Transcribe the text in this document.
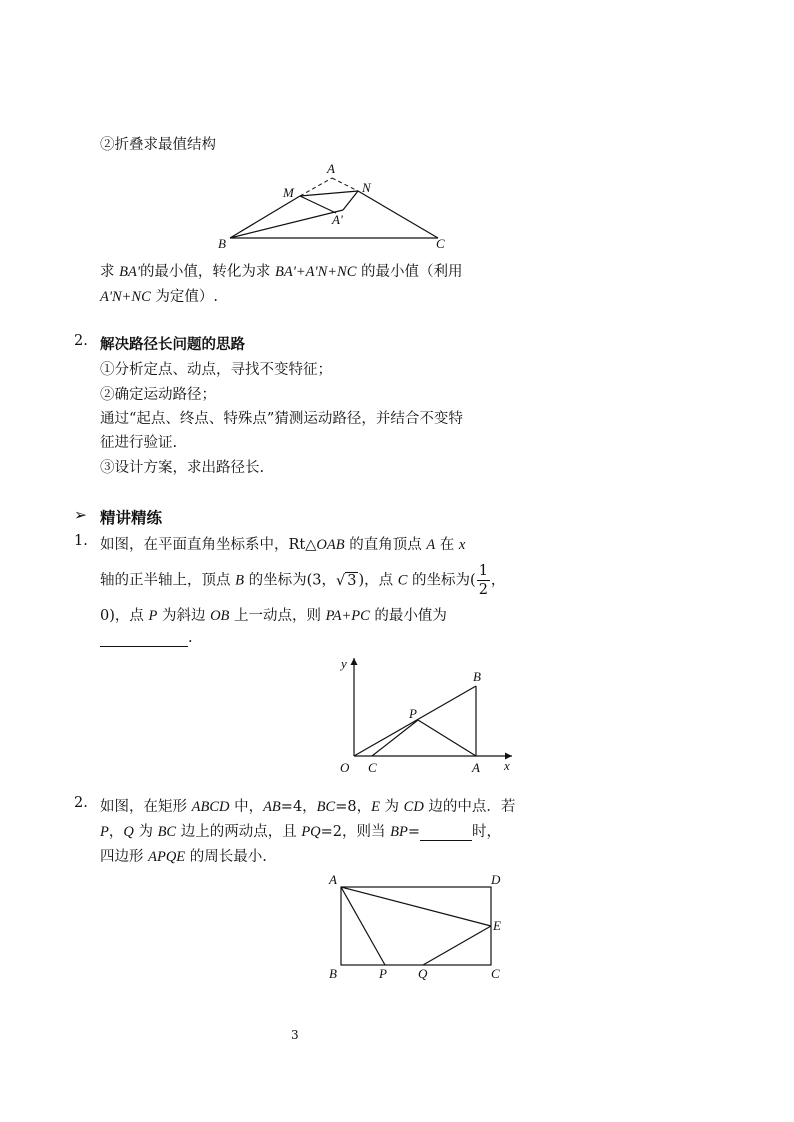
②折叠求最值结构
A
M	N
A'
B	C
求 BA'的最小值，转化为求 BA'+A'N+NC 的最小值（利用
A'N+NC 为定值）.
2. 解决路径长问题的思路
①分析定点、动点，寻找不变特征；
②确定运动路径；
通过“起点、终点、特殊点”猜测运动路径，并结合不变特
征进行验证.
③设计方案，求出路径长.
➢ 精讲精练
1. 如图，在平面直角坐标系中，Rt△OAB 的直角顶点 A 在 x
轴的正半轴上，顶点 B 的坐标为(3，√ 3 )，点 C 的坐标为( $\frac{1}{2}$ ，
0)，点 P 为斜边 OB 上一动点，则 PA+PC 的最小值为
.
y
x
O C	A
P
B
2. 如图，在矩形 ABCD 中，AB=4，BC=8，E 为 CD 边的中点．若
P，Q 为 BC 边上的两动点，且 PQ=2，则当 BP=	时，
四边形 APQE 的周长最小.
A	D
E
B	P Q	C
3
